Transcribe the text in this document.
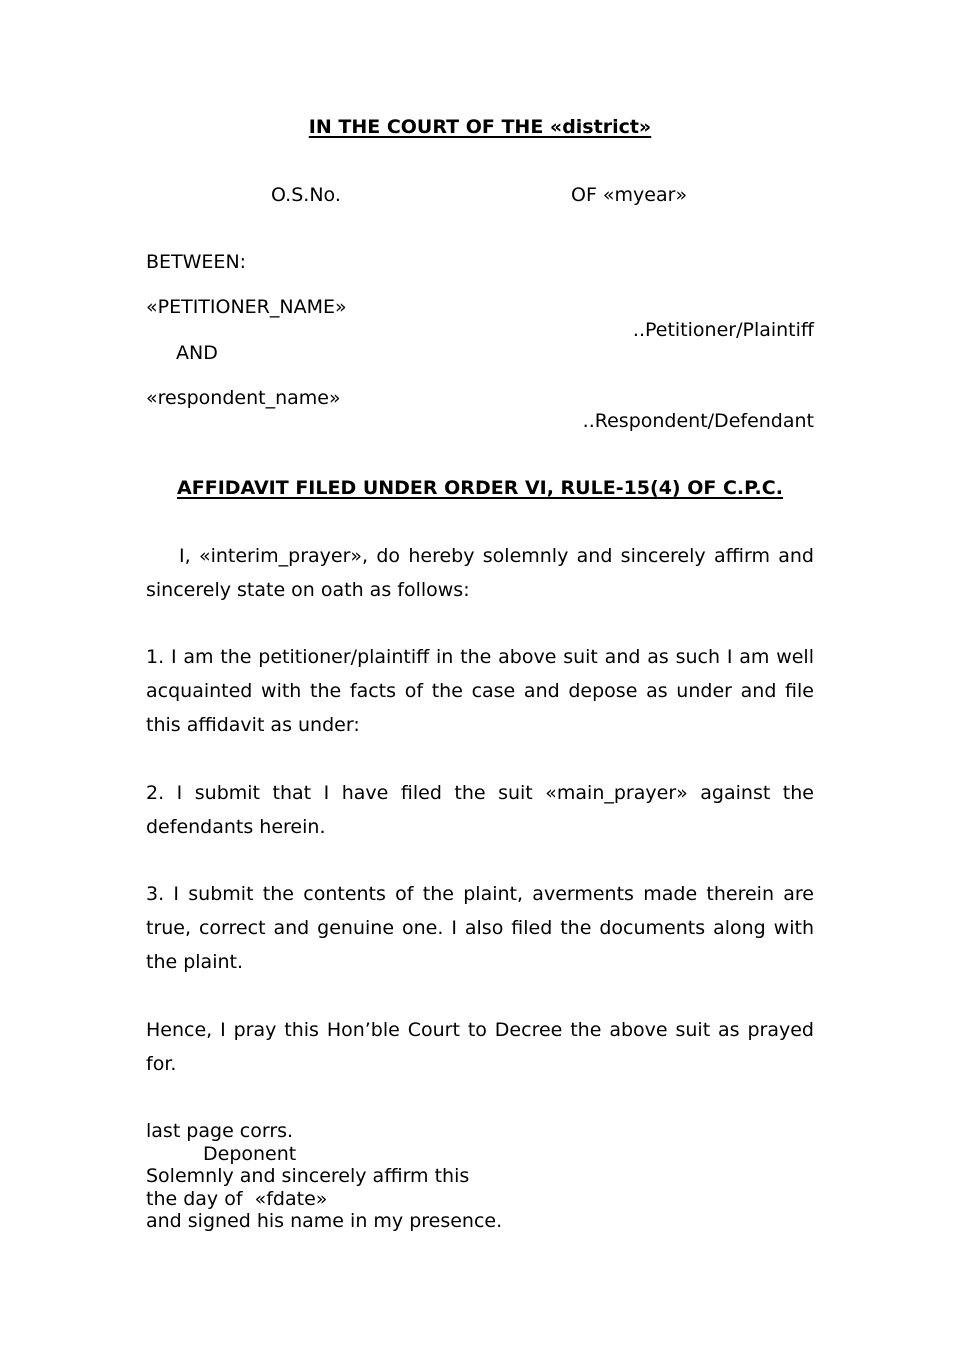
IN THE COURT OF THE «district»
O.S.No.	OF «myear»
BETWEEN:
«PETITIONER_NAME»
..Petitioner/Plaintiff
AND
«respondent_name»
..Respondent/Defendant
AFFIDAVIT FILED UNDER ORDER VI, RULE-15(4) OF C.P.C.
I, «interim_prayer», do hereby solemnly and sincerely affirm and sincerely state on oath as follows:
1. I am the petitioner/plaintiff in the above suit and as such I am well acquainted with the facts of the case and depose as under and file this affidavit as under:
2. I submit that I have filed the suit «main_prayer» against the defendants herein.
3. I submit the contents of the plaint, averments made therein are true, correct and genuine one. I also filed the documents along with the plaint.
Hence, I pray this Hon’ble Court to Decree the above suit as prayed for.
last page corrs.
Deponent
Solemnly and sincerely affirm this
the day of  «fdate»
and signed his name in my presence.
